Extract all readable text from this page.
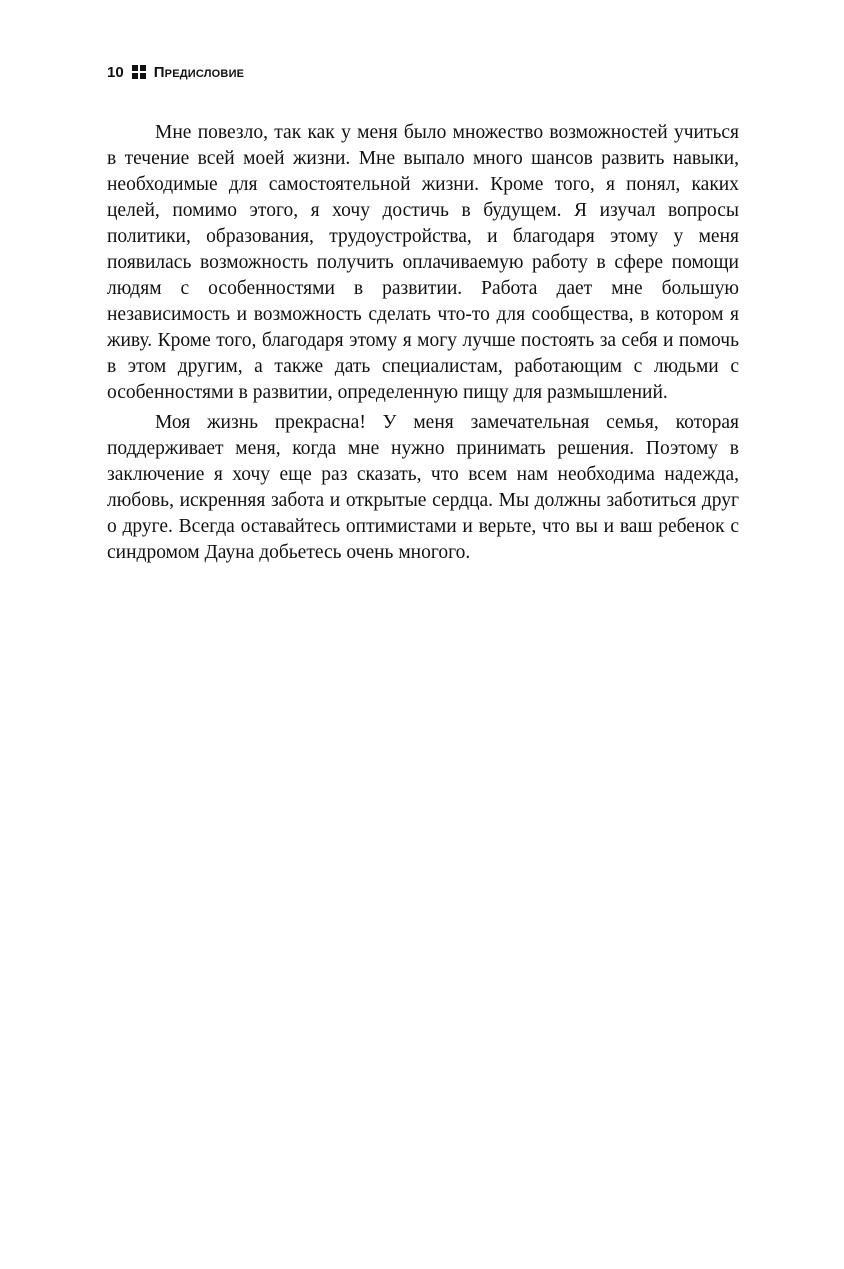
10 Предисловие

Мне повезло, так как у меня было множество возможностей учиться в течение всей моей жизни. Мне выпало много шансов развить навыки, необходимые для самостоятельной жизни. Кроме того, я понял, каких целей, помимо этого, я хочу достичь в будущем. Я изучал вопросы политики, образования, трудоустройства, и благодаря этому у меня появилась возможность получить оплачиваемую работу в сфере помощи людям с особенностями в развитии. Работа дает мне большую независимость и возможность сделать что-то для сообщества, в котором я живу. Кроме того, благодаря этому я могу лучше постоять за себя и помочь в этом другим, а также дать специалистам, работающим с людьми с особенностями в развитии, определенную пищу для размышлений.

Моя жизнь прекрасна! У меня замечательная семья, которая поддерживает меня, когда мне нужно принимать решения. Поэтому в заключение я хочу еще раз сказать, что всем нам необходима надежда, любовь, искренняя забота и открытые сердца. Мы должны заботиться друг о друге. Всегда оставайтесь оптимистами и верьте, что вы и ваш ребенок с синдромом Дауна добьетесь очень многого.
